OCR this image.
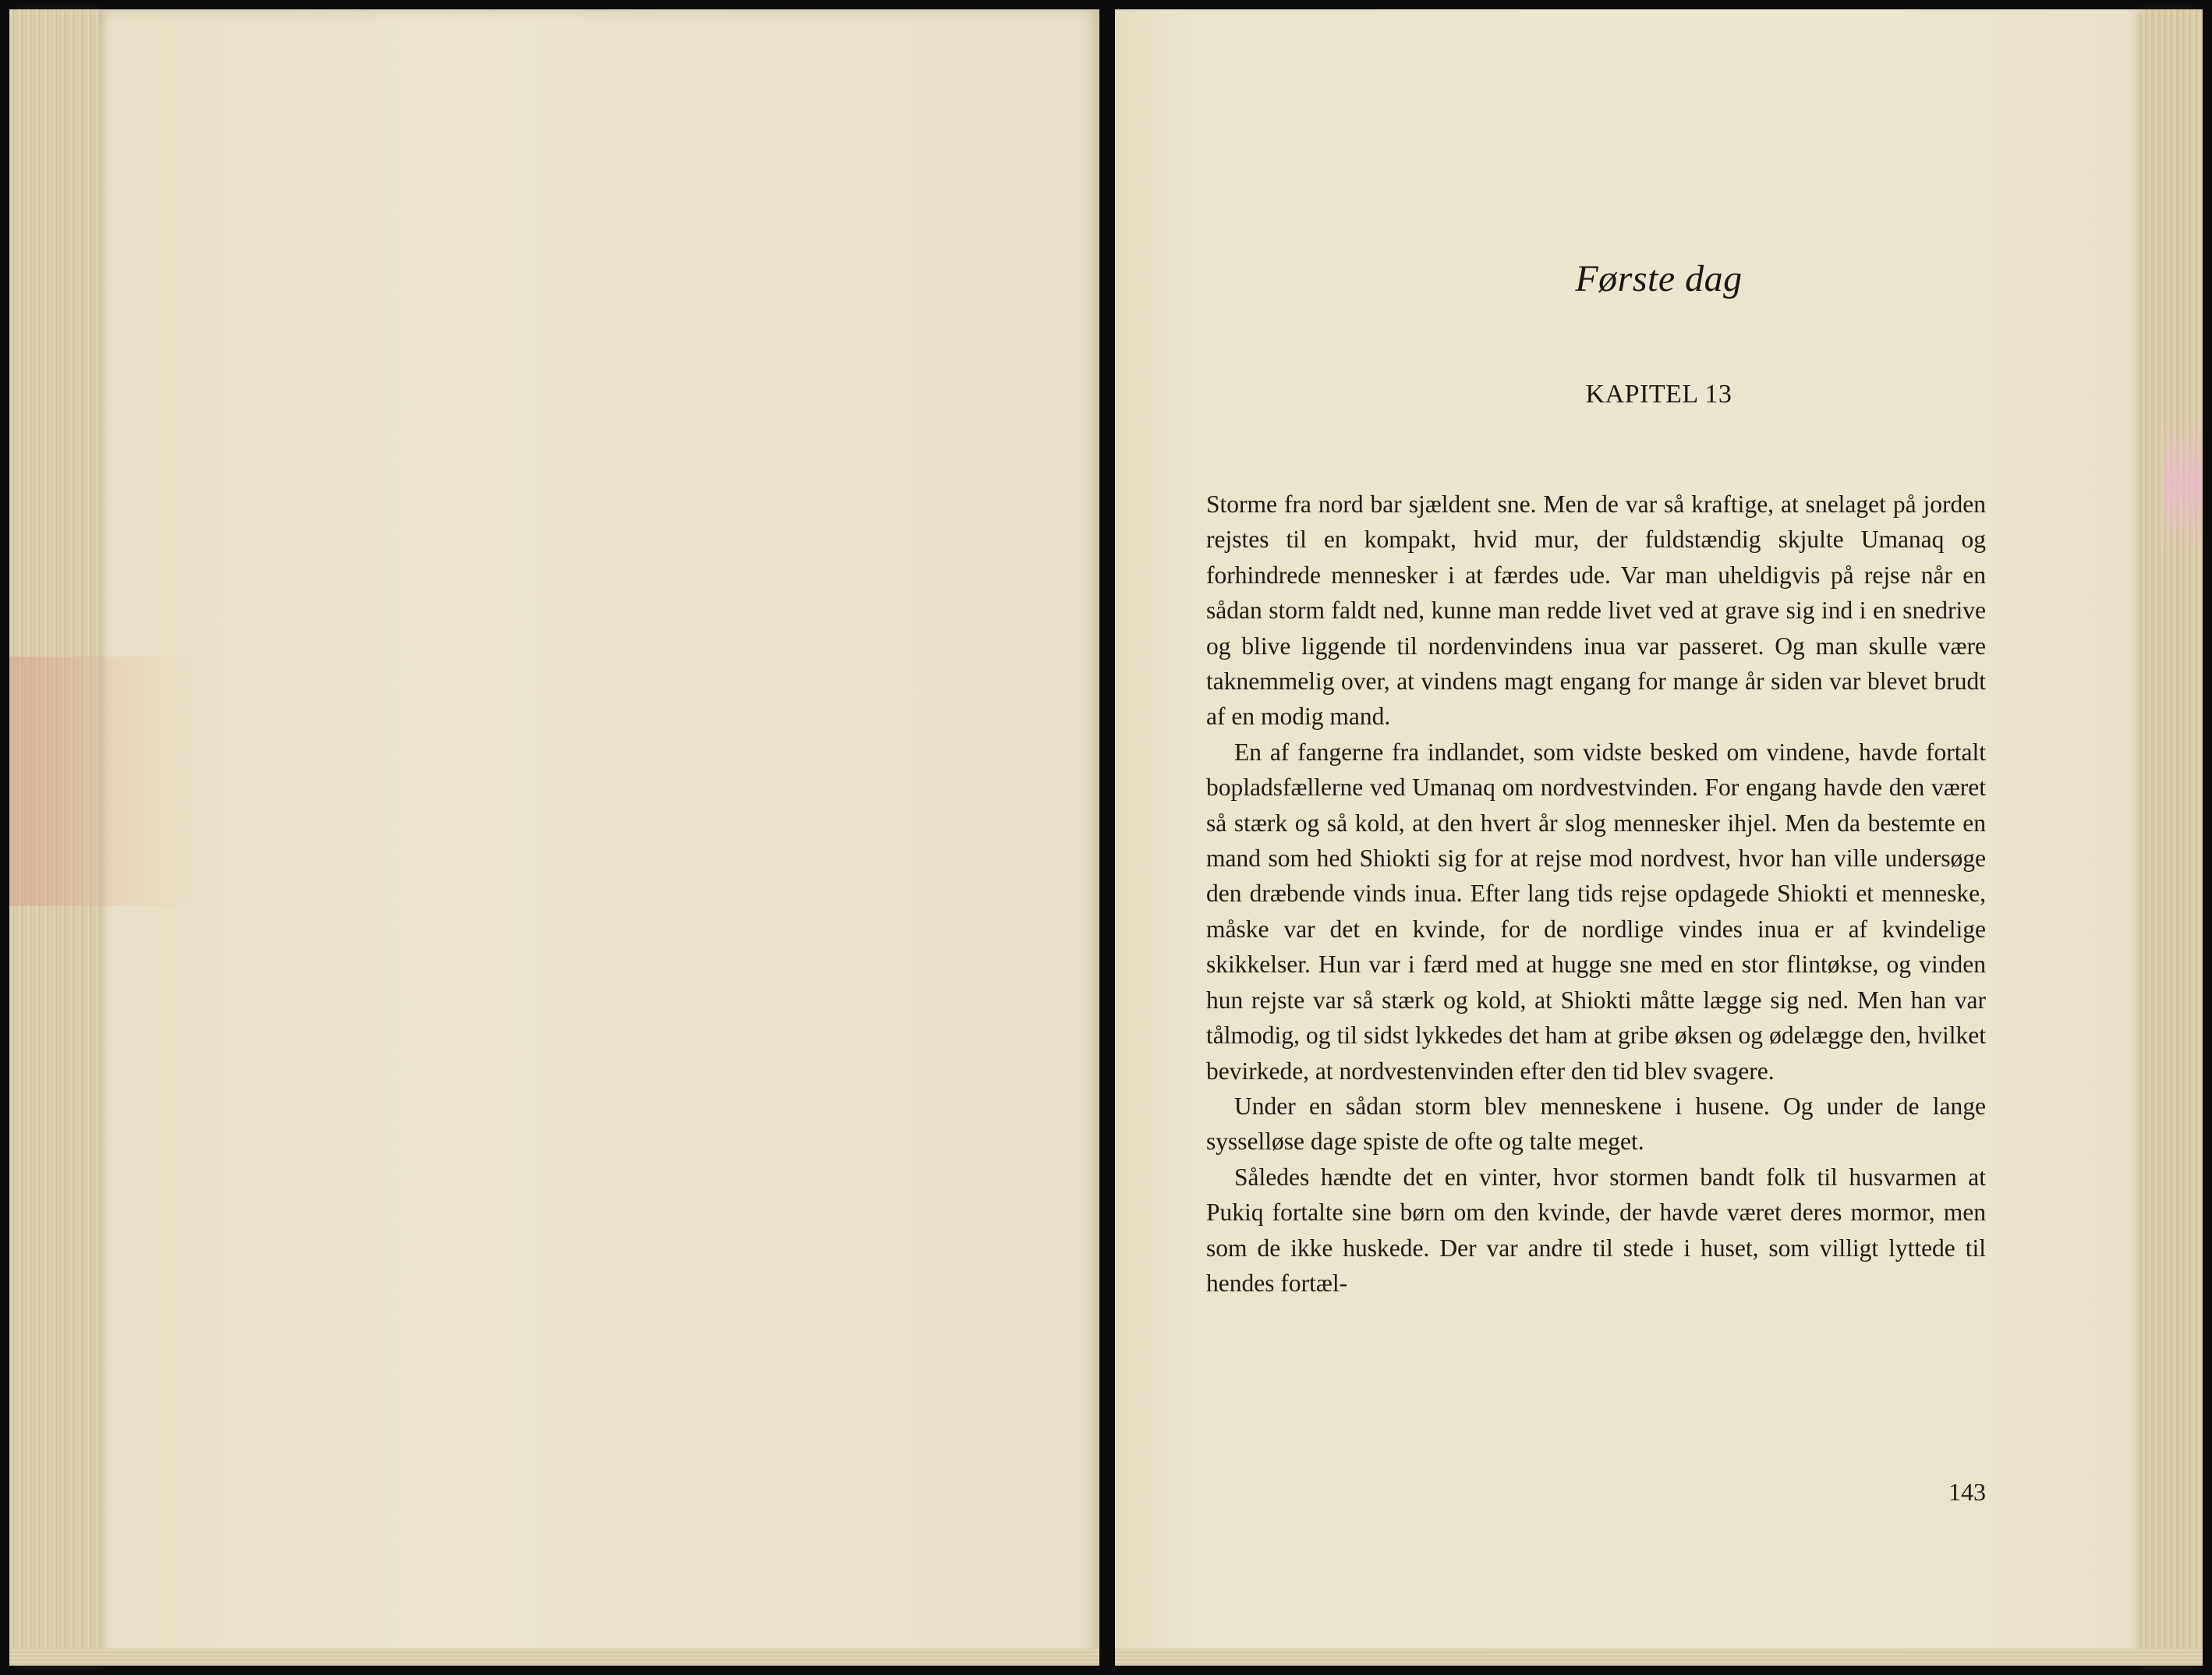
Første dag
KAPITEL 13

Storme fra nord bar sjældent sne. Men de var så kraftige, at snelaget på jorden rejstes til en kompakt, hvid mur, der fuldstændig skjulte Umanaq og forhindrede mennesker i at færdes ude. Var man uheldigvis på rejse når en sådan storm faldt ned, kunne man redde livet ved at grave sig ind i en snedrive og blive liggende til nordenvindens inua var passeret. Og man skulle være taknemmelig over, at vindens magt engang for mange år siden var blevet brudt af en modig mand.

En af fangerne fra indlandet, som vidste besked om vindene, havde fortalt bopladsfællerne ved Umanaq om nordvestvinden. For engang havde den været så stærk og så kold, at den hvert år slog mennesker ihjel. Men da bestemte en mand som hed Shiokti sig for at rejse mod nordvest, hvor han ville undersøge den dræbende vinds inua. Efter lang tids rejse opdagede Shiokti et menneske, måske var det en kvinde, for de nordlige vindes inua er af kvindelige skikkelser. Hun var i færd med at hugge sne med en stor flintøkse, og vinden hun rejste var så stærk og kold, at Shiokti måtte lægge sig ned. Men han var tålmodig, og til sidst lykkedes det ham at gribe øksen og ødelægge den, hvilket bevirkede, at nordvestenvinden efter den tid blev svagere.

Under en sådan storm blev menneskene i husene. Og under de lange sysselløse dage spiste de ofte og talte meget.

Således hændte det en vinter, hvor stormen bandt folk til husvarmen at Pukiq fortalte sine børn om den kvinde, der havde været deres mormor, men som de ikke huskede. Der var andre til stede i huset, som villigt lyttede til hendes fortæl-

143
